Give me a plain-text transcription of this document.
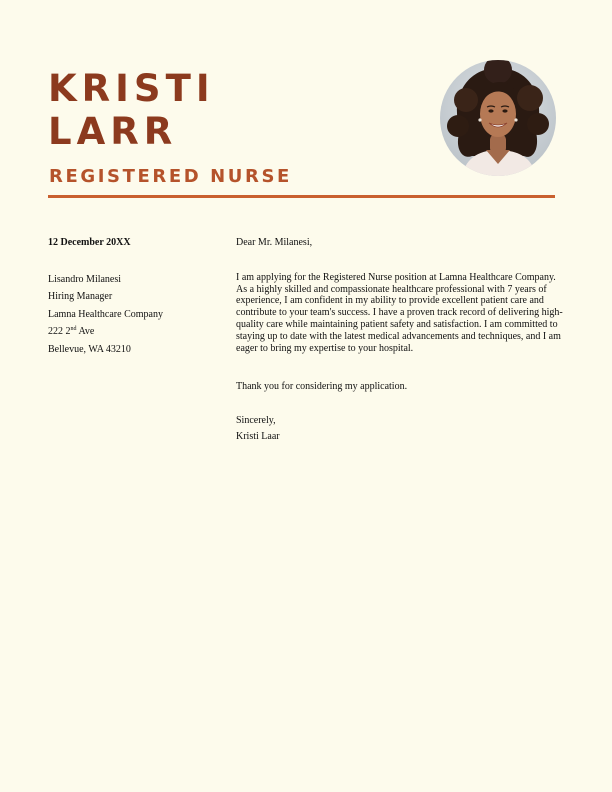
KRISTI
LARR
REGISTERED NURSE

12 December 20XX

Lisandro Milanesi

Hiring Manager

Lamna Healthcare Company

222 2nd Ave

Bellevue, WA 43210

Dear Mr. Milanesi,

I am applying for the Registered Nurse position at Lamna Healthcare Company. As a highly skilled and compassionate healthcare professional with 7 years of experience, I am confident in my ability to provide excellent patient care and contribute to your team's success. I have a proven track record of delivering high-quality care while maintaining patient safety and satisfaction. I am committed to staying up to date with the latest medical advancements and techniques, and I am eager to bring my expertise to your hospital.

Thank you for considering my application.

Sincerely,

Kristi Laar
